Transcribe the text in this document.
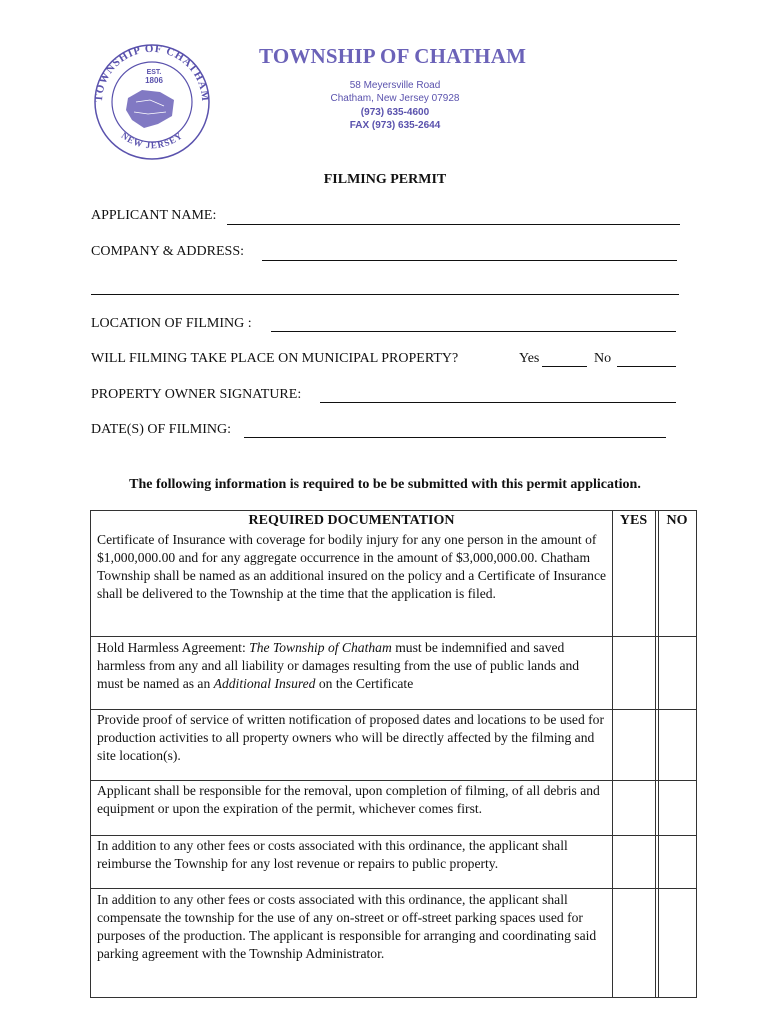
TOWNSHIP OF CHATHAM
NEW JERSEY
EST.
1806
TOWNSHIP OF CHATHAM
58 Meyersville Road
Chatham, New Jersey 07928
(973) 635-4600
FAX (973) 635-2644
FILMING PERMIT
APPLICANT NAME:
COMPANY & ADDRESS:
LOCATION OF FILMING :
WILL FILMING TAKE PLACE ON MUNICIPAL PROPERTY?	Yes	No
PROPERTY OWNER SIGNATURE:
DATE(S) OF FILMING:
The following information is required to be be submitted with this permit application.
REQUIRED DOCUMENTATION	YES	NO
Certificate of Insurance with coverage for bodily injury for any one person in the amount of $1,000,000.00 and for any aggregate occurrence in the amount of $3,000,000.00. Chatham Township shall be named as an additional insured on the policy and a Certificate of Insurance shall be delivered to the Township at the time that the application is filed.
Hold Harmless Agreement: The Township of Chatham must be indemnified and saved harmless from any and all liability or damages resulting from the use of public lands and must be named as an Additional Insured on the Certificate
Provide proof of service of written notification of proposed dates and locations to be used for production activities to all property owners who will be directly affected by the filming and site location(s).
Applicant shall be responsible for the removal, upon completion of filming, of all debris and equipment or upon the expiration of the permit, whichever comes first.
In addition to any other fees or costs associated with this ordinance, the applicant shall reimburse the Township for any lost revenue or repairs to public property.
In addition to any other fees or costs associated with this ordinance, the applicant shall compensate the township for the use of any on-street or off-street parking spaces used for purposes of the production. The applicant is responsible for arranging and coordinating said parking agreement with the Township Administrator.
